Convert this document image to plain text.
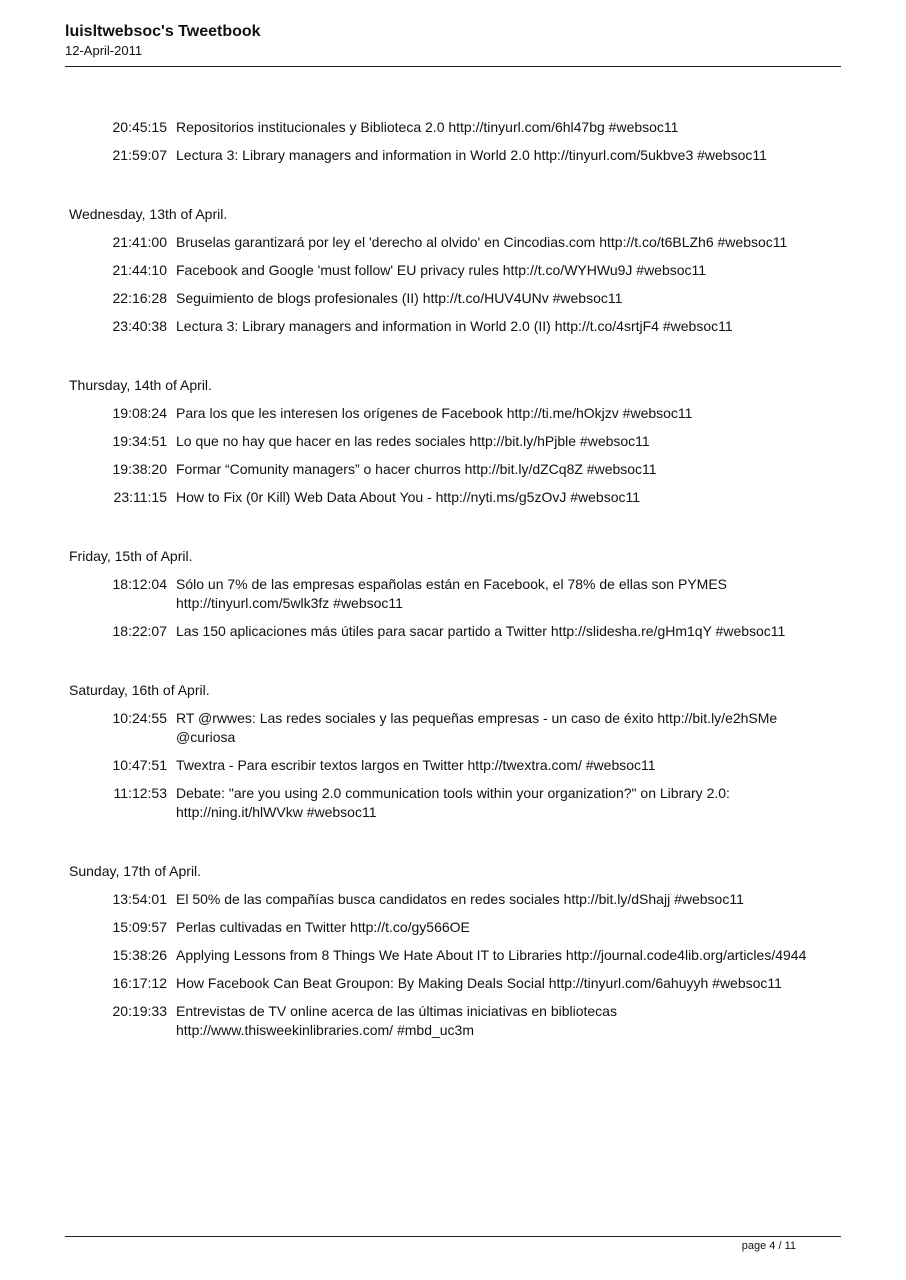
luisltwebsoc's Tweetbook
12-April-2011
20:45:15 Repositorios institucionales y Biblioteca 2.0 http://tinyurl.com/6hl47bg #websoc11
21:59:07 Lectura 3: Library managers and information in World 2.0 http://tinyurl.com/5ukbve3 #websoc11
Wednesday, 13th of April.
21:41:00 Bruselas garantizará por ley el 'derecho al olvido' en Cincodias.com http://t.co/t6BLZh6 #websoc11
21:44:10 Facebook and Google 'must follow' EU privacy rules http://t.co/WYHWu9J #websoc11
22:16:28 Seguimiento de blogs profesionales (II) http://t.co/HUV4UNv #websoc11
23:40:38 Lectura 3: Library managers and information in World 2.0 (II) http://t.co/4srtjF4 #websoc11
Thursday, 14th of April.
19:08:24 Para los que les interesen los orígenes de Facebook http://ti.me/hOkjzv #websoc11
19:34:51 Lo que no hay que hacer en las redes sociales http://bit.ly/hPjble #websoc11
19:38:20 Formar “Comunity managers” o hacer churros http://bit.ly/dZCq8Z #websoc11
23:11:15 How to Fix (0r Kill) Web Data About You - http://nyti.ms/g5zOvJ #websoc11
Friday, 15th of April.
18:12:04 Sólo un 7% de las empresas españolas están en Facebook, el 78% de ellas son PYMES http://tinyurl.com/5wlk3fz #websoc11
18:22:07 Las 150 aplicaciones más útiles para sacar partido a Twitter http://slidesha.re/gHm1qY #websoc11
Saturday, 16th of April.
10:24:55 RT @rwwes: Las redes sociales y las pequeñas empresas - un caso de éxito http://bit.ly/e2hSMe @curiosa
10:47:51 Twextra - Para escribir textos largos en Twitter http://twextra.com/ #websoc11
11:12:53 Debate: "are you using 2.0 communication tools within your organization?" on Library 2.0: http://ning.it/hlWVkw #websoc11
Sunday, 17th of April.
13:54:01 El 50% de las compañías busca candidatos en redes sociales http://bit.ly/dShajj #websoc11
15:09:57 Perlas cultivadas en Twitter http://t.co/gy566OE
15:38:26 Applying Lessons from 8 Things We Hate About IT to Libraries http://journal.code4lib.org/articles/4944
16:17:12 How Facebook Can Beat Groupon: By Making Deals Social http://tinyurl.com/6ahuyyh #websoc11
20:19:33 Entrevistas de TV online acerca de las últimas iniciativas en bibliotecas http://www.thisweekinlibraries.com/ #mbd_uc3m
page 4 / 11
